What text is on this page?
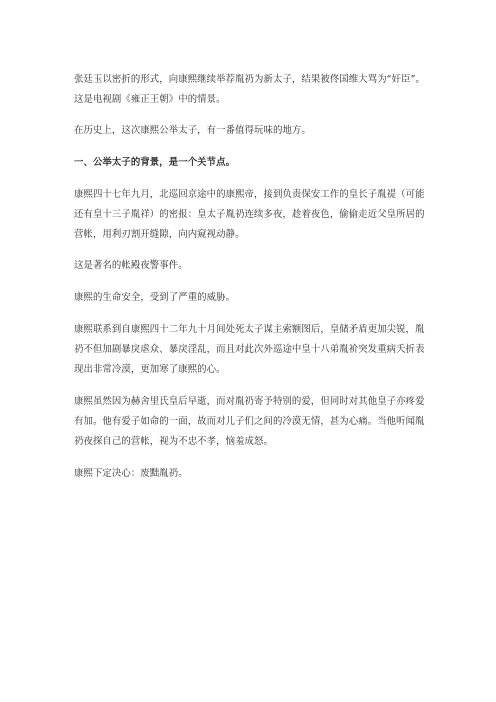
张廷玉以密折的形式，向康熙继续举荐胤礽为新太子，结果被佟国维大骂为“奸臣”。这是电视剧《雍正王朝》中的情景。

在历史上，这次康熙公举太子，有一番值得玩味的地方。

一、公举太子的背景，是一个关节点。

康熙四十七年九月，北巡回京途中的康熙帝，接到负责保安工作的皇长子胤禔（可能还有皇十三子胤祥）的密报：皇太子胤礽连续多夜，趁着夜色，偷偷走近父皇所居的营帐，用利刃割开缝隙，向内窥视动静。

这是著名的帐殿夜警事件。

康熙的生命安全，受到了严重的威胁。

康熙联系到自康熙四十二年九十月间处死太子谋主索额图后，皇储矛盾更加尖锐，胤礽不但加剧暴戾虐众、暴戾淫乱，而且对此次外巡途中皇十八弟胤衸突发重病夭折表现出非常冷漠，更加寒了康熙的心。

康熙虽然因为赫舍里氏皇后早逝，而对胤礽寄予特别的爱，但同时对其他皇子亦疼爱有加。他有爱子如命的一面，故而对儿子们之间的冷漠无情，甚为心痛。当他听闻胤礽夜探自己的营帐，视为不忠不孝，恼羞成怒。

康熙下定决心：废黜胤礽。
